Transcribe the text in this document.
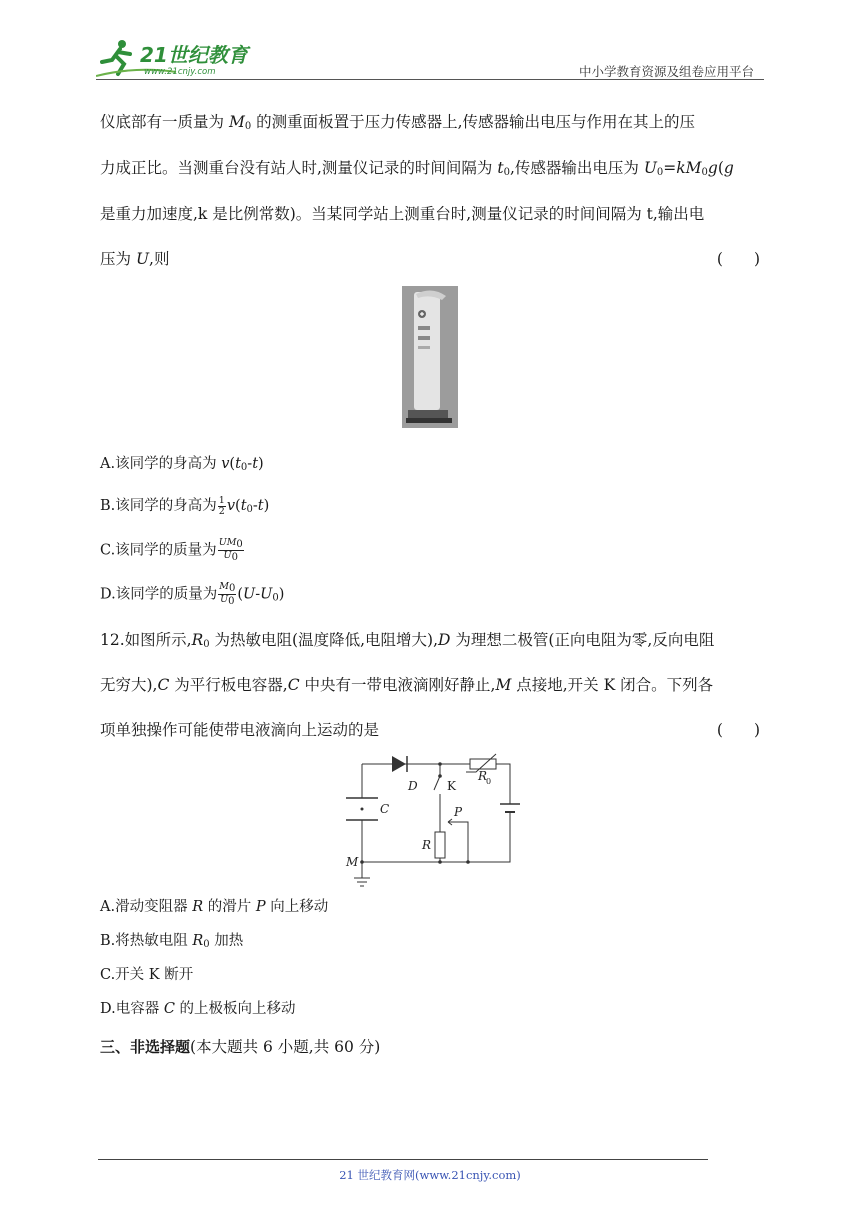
21世纪教育
www.21cnjy.com	中小学教育资源及组卷应用平台
仪底部有一质量为 $M_0$ 的测重面板置于压力传感器上,传感器输出电压与作用在其上的压
力成正比。当测重台没有站人时,测量仪记录的时间间隔为 $t_0$,传感器输出电压为 $U_0=kM_0g(g$
是重力加速度,k 是比例常数)。当某同学站上测重台时,测量仪记录的时间间隔为 t,输出电
压为 U,则	(　　)
A.该同学的身高为 $v(t_0-t)$
B.该同学的身高为 $\frac{1}{2} v(t_0-t)$
C.该同学的质量为 $\frac{UM_0}{U_0}$
D.该同学的质量为 $\frac{M_0}{U_0} (U-U_0)$
12.如图所示$,R_0$ 为热敏电阻(温度降低,电阻增大),D 为理想二极管(正向电阻为零,反向电阻
无穷大),C 为平行板电容器,C 中央有一带电液滴刚好静止,M 点接地,开关 K 闭合。下列各
项单独操作可能使带电液滴向上运动的是	(　　)
D K
R
0
R
P
C
M
A.滑动变阻器 R 的滑片 P 向上移动
B.将热敏电阻 $R_0$ 加热
C.开关 K 断开
D.电容器 C 的上极板向上移动
三、非选择题(本大题共 6 小题,共 60 分)
21 世纪教育网(www.21cnjy.com)
